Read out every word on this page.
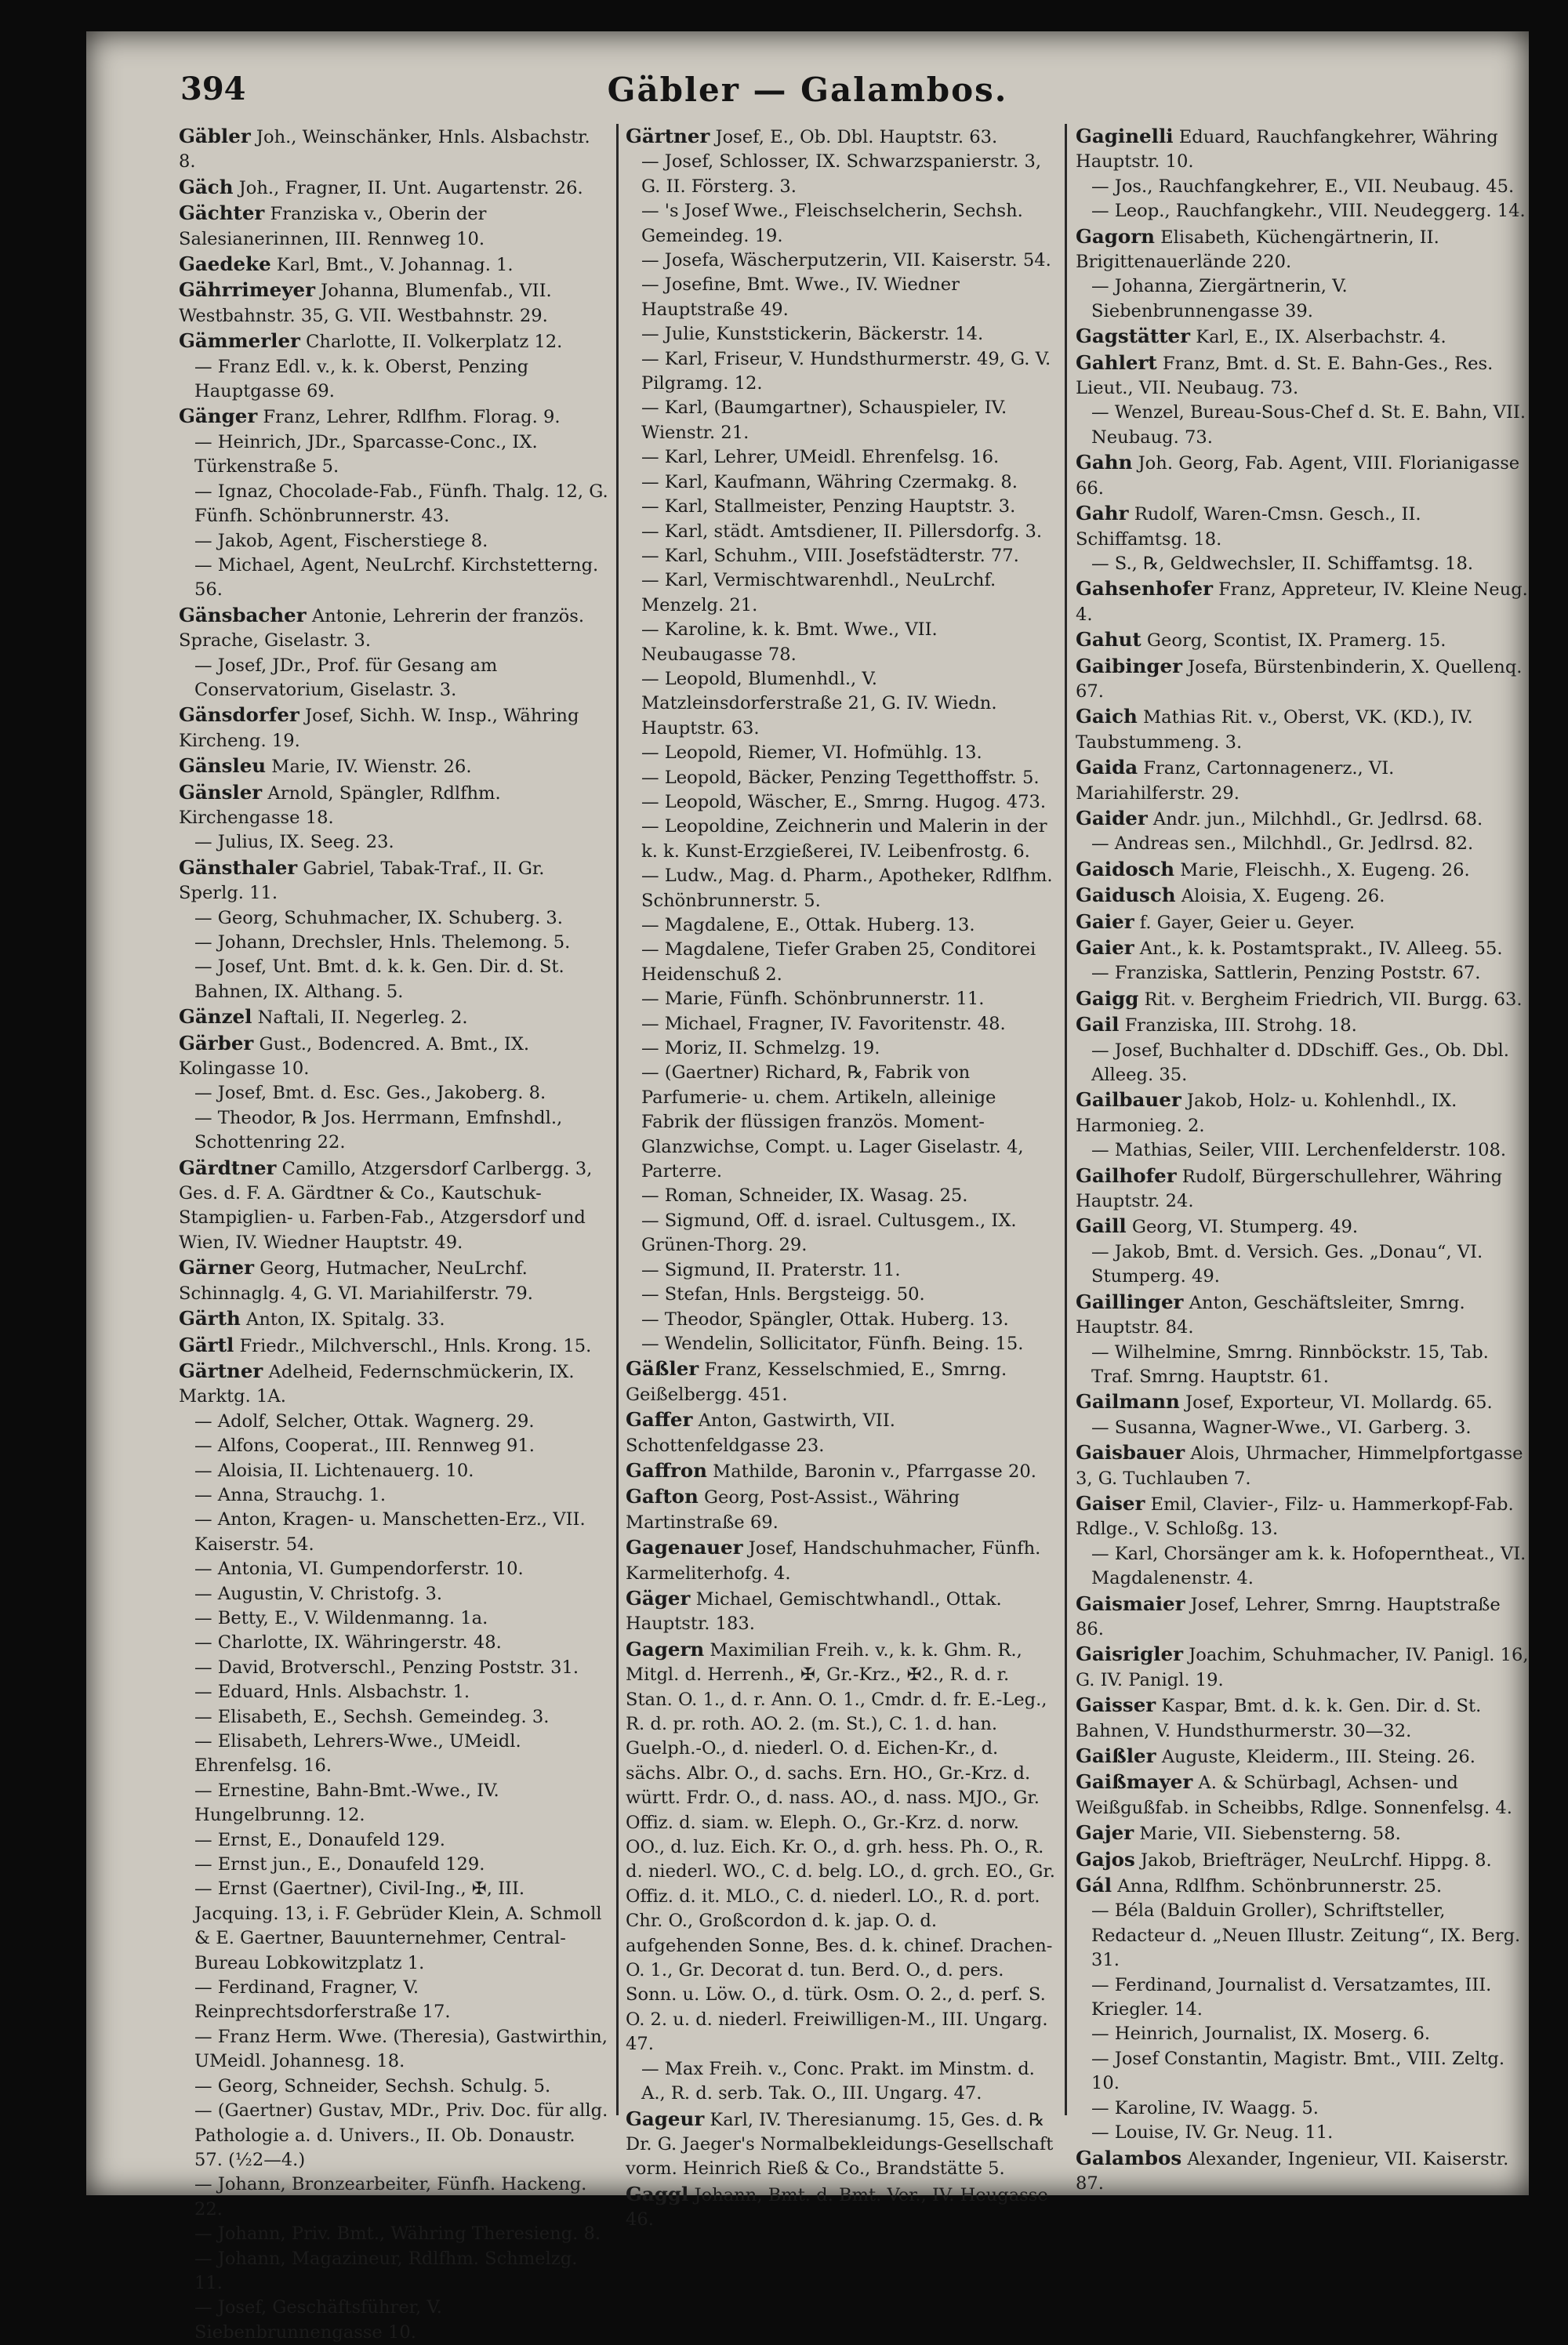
394	Gäbler — Galambos.
Gäbler Joh., Weinschänker, Hnls. Alsbachstr. 8.
Gäch Joh., Fragner, II. Unt. Augartenstr. 26.
Gächter Franziska v., Oberin der Salesianerinnen, III. Rennweg 10.
Gaedeke Karl, Bmt., V. Johannag. 1.
Gährrimeyer Johanna, Blumenfab., VII. Westbahnstr. 35, G. VII. Westbahnstr. 29.
Gämmerler Charlotte, II. Volkerplatz 12.
— Franz Edl. v., k. k. Oberst, Penzing Hauptgasse 69.
Gänger Franz, Lehrer, Rdlfhm. Florag. 9.
— Heinrich, JDr., Sparcasse-Conc., IX. Türkenstraße 5.
— Ignaz, Chocolade-Fab., Fünfh. Thalg. 12, G. Fünfh. Schönbrunnerstr. 43.
— Jakob, Agent, Fischerstiege 8.
— Michael, Agent, NeuLrchf. Kirchstetterng. 56.
Gänsbacher Antonie, Lehrerin der französ. Sprache, Giselastr. 3.
— Josef, JDr., Prof. für Gesang am Conservatorium, Giselastr. 3.
Gänsdorfer Josef, Sichh. W. Insp., Währing Kircheng. 19.
Gänsleu Marie, IV. Wienstr. 26.
Gänsler Arnold, Spängler, Rdlfhm. Kirchengasse 18.
— Julius, IX. Seeg. 23.
Gänsthaler Gabriel, Tabak-Traf., II. Gr. Sperlg. 11.
— Georg, Schuhmacher, IX. Schuberg. 3.
— Johann, Drechsler, Hnls. Thelemong. 5.
— Josef, Unt. Bmt. d. k. k. Gen. Dir. d. St. Bahnen, IX. Althang. 5.
Gänzel Naftali, II. Negerleg. 2.
Gärber Gust., Bodencred. A. Bmt., IX. Kolingasse 10.
— Josef, Bmt. d. Esc. Ges., Jakoberg. 8.
— Theodor, ℞ Jos. Herrmann, Emfnshdl., Schottenring 22.
Gärdtner Camillo, Atzgersdorf Carlbergg. 3, Ges. d. F. A. Gärdtner & Co., Kautschuk-Stampiglien- u. Farben-Fab., Atzgersdorf und Wien, IV. Wiedner Hauptstr. 49.
Gärner Georg, Hutmacher, NeuLrchf. Schinnaglg. 4, G. VI. Mariahilferstr. 79.
Gärth Anton, IX. Spitalg. 33.
Gärtl Friedr., Milchverschl., Hnls. Krong. 15.
Gärtner Adelheid, Federnschmückerin, IX. Marktg. 1A.
— Adolf, Selcher, Ottak. Wagnerg. 29.
— Alfons, Cooperat., III. Rennweg 91.
— Aloisia, II. Lichtenauerg. 10.
— Anna, Strauchg. 1.
— Anton, Kragen- u. Manschetten-Erz., VII. Kaiserstr. 54.
— Antonia, VI. Gumpendorferstr. 10.
— Augustin, V. Christofg. 3.
— Betty, E., V. Wildenmanng. 1a.
— Charlotte, IX. Währingerstr. 48.
— David, Brotverschl., Penzing Poststr. 31.
— Eduard, Hnls. Alsbachstr. 1.
— Elisabeth, E., Sechsh. Gemeindeg. 3.
— Elisabeth, Lehrers-Wwe., UMeidl. Ehrenfelsg. 16.
— Ernestine, Bahn-Bmt.-Wwe., IV. Hungelbrunng. 12.
— Ernst, E., Donaufeld 129.
— Ernst jun., E., Donaufeld 129.
— Ernst (Gaertner), Civil-Ing., ✠, III. Jacquing. 13, i. F. Gebrüder Klein, A. Schmoll & E. Gaertner, Bauunternehmer, Central-Bureau Lobkowitzplatz 1.
— Ferdinand, Fragner, V. Reinprechtsdorferstraße 17.
— Franz Herm. Wwe. (Theresia), Gastwirthin, UMeidl. Johannesg. 18.
— Georg, Schneider, Sechsh. Schulg. 5.
— (Gaertner) Gustav, MDr., Priv. Doc. für allg. Pathologie a. d. Univers., II. Ob. Donaustr. 57. (½2—4.)
— Johann, Bronzearbeiter, Fünfh. Hackeng. 22.
— Johann, Priv. Bmt., Währing Theresieng. 8.
— Johann, Magazineur, Rdlfhm. Schmelzg. 11.
— Josef, Geschäftsführer, V. Siebenbrunnengasse 10.
Gärtner Josef, E., Ob. Dbl. Hauptstr. 63.
— Josef, Schlosser, IX. Schwarzspanierstr. 3, G. II. Försterg. 3.
— 's Josef Wwe., Fleischselcherin, Sechsh. Gemeindeg. 19.
— Josefa, Wäscherputzerin, VII. Kaiserstr. 54.
— Josefine, Bmt. Wwe., IV. Wiedner Hauptstraße 49.
— Julie, Kunststickerin, Bäckerstr. 14.
— Karl, Friseur, V. Hundsthurmerstr. 49, G. V. Pilgramg. 12.
— Karl, (Baumgartner), Schauspieler, IV. Wienstr. 21.
— Karl, Lehrer, UMeidl. Ehrenfelsg. 16.
— Karl, Kaufmann, Währing Czermakg. 8.
— Karl, Stallmeister, Penzing Hauptstr. 3.
— Karl, städt. Amtsdiener, II. Pillersdorfg. 3.
— Karl, Schuhm., VIII. Josefstädterstr. 77.
— Karl, Vermischtwarenhdl., NeuLrchf. Menzelg. 21.
— Karoline, k. k. Bmt. Wwe., VII. Neubaugasse 78.
— Leopold, Blumenhdl., V. Matzleinsdorferstraße 21, G. IV. Wiedn. Hauptstr. 63.
— Leopold, Riemer, VI. Hofmühlg. 13.
— Leopold, Bäcker, Penzing Tegetthoffstr. 5.
— Leopold, Wäscher, E., Smrng. Hugog. 473.
— Leopoldine, Zeichnerin und Malerin in der k. k. Kunst-Erzgießerei, IV. Leibenfrostg. 6.
— Ludw., Mag. d. Pharm., Apotheker, Rdlfhm. Schönbrunnerstr. 5.
— Magdalene, E., Ottak. Huberg. 13.
— Magdalene, Tiefer Graben 25, Conditorei Heidenschuß 2.
— Marie, Fünfh. Schönbrunnerstr. 11.
— Michael, Fragner, IV. Favoritenstr. 48.
— Moriz, II. Schmelzg. 19.
— (Gaertner) Richard, ℞, Fabrik von Parfumerie- u. chem. Artikeln, alleinige Fabrik der flüssigen französ. Moment-Glanzwichse, Compt. u. Lager Giselastr. 4, Parterre.
— Roman, Schneider, IX. Wasag. 25.
— Sigmund, Off. d. israel. Cultusgem., IX. Grünen-Thorg. 29.
— Sigmund, II. Praterstr. 11.
— Stefan, Hnls. Bergsteigg. 50.
— Theodor, Spängler, Ottak. Huberg. 13.
— Wendelin, Sollicitator, Fünfh. Being. 15.
Gäßler Franz, Kesselschmied, E., Smrng. Geißelbergg. 451.
Gaffer Anton, Gastwirth, VII. Schottenfeldgasse 23.
Gaffron Mathilde, Baronin v., Pfarrgasse 20.
Gafton Georg, Post-Assist., Währing Martinstraße 69.
Gagenauer Josef, Handschuhmacher, Fünfh. Karmeliterhofg. 4.
Gäger Michael, Gemischtwhandl., Ottak. Hauptstr. 183.
Gagern Maximilian Freih. v., k. k. Ghm. R., Mitgl. d. Herrenh., ✠, Gr.-Krz., ✠2., R. d. r. Stan. O. 1., d. r. Ann. O. 1., Cmdr. d. fr. E.-Leg., R. d. pr. roth. AO. 2. (m. St.), C. 1. d. han. Guelph.-O., d. niederl. O. d. Eichen-Kr., d. sächs. Albr. O., d. sachs. Ern. HO., Gr.-Krz. d. württ. Frdr. O., d. nass. AO., d. nass. MJO., Gr. Offiz. d. siam. w. Eleph. O., Gr.-Krz. d. norw. OO., d. luz. Eich. Kr. O., d. grh. hess. Ph. O., R. d. niederl. WO., C. d. belg. LO., d. grch. EO., Gr. Offiz. d. it. MLO., C. d. niederl. LO., R. d. port. Chr. O., Großcordon d. k. jap. O. d. aufgehenden Sonne, Bes. d. k. chinef. Drachen-O. 1., Gr. Decorat d. tun. Berd. O., d. pers. Sonn. u. Löw. O., d. türk. Osm. O. 2., d. perf. S. O. 2. u. d. niederl. Freiwilligen-M., III. Ungarg. 47.
— Max Freih. v., Conc. Prakt. im Minstm. d. A., R. d. serb. Tak. O., III. Ungarg. 47.
Gageur Karl, IV. Theresianumg. 15, Ges. d. ℞ Dr. G. Jaeger's Normalbekleidungs-Gesellschaft vorm. Heinrich Rieß & Co., Brandstätte 5.
Gaggl Johann, Bmt. d. Bmt. Ver., IV. Heugasse 46.
Gaginelli Eduard, Rauchfangkehrer, Währing Hauptstr. 10.
— Jos., Rauchfangkehrer, E., VII. Neubaug. 45.
— Leop., Rauchfangkehr., VIII. Neudeggerg. 14.
Gagorn Elisabeth, Küchengärtnerin, II. Brigittenauerlände 220.
— Johanna, Ziergärtnerin, V. Siebenbrunnengasse 39.
Gagstätter Karl, E., IX. Alserbachstr. 4.
Gahlert Franz, Bmt. d. St. E. Bahn-Ges., Res. Lieut., VII. Neubaug. 73.
— Wenzel, Bureau-Sous-Chef d. St. E. Bahn, VII. Neubaug. 73.
Gahn Joh. Georg, Fab. Agent, VIII. Florianigasse 66.
Gahr Rudolf, Waren-Cmsn. Gesch., II. Schiffamtsg. 18.
— S., ℞, Geldwechsler, II. Schiffamtsg. 18.
Gahsenhofer Franz, Appreteur, IV. Kleine Neug. 4.
Gahut Georg, Scontist, IX. Pramerg. 15.
Gaibinger Josefa, Bürstenbinderin, X. Quellenq. 67.
Gaich Mathias Rit. v., Oberst, VK. (KD.), IV. Taubstummeng. 3.
Gaida Franz, Cartonnagenerz., VI. Mariahilferstr. 29.
Gaider Andr. jun., Milchhdl., Gr. Jedlrsd. 68.
— Andreas sen., Milchhdl., Gr. Jedlrsd. 82.
Gaidosch Marie, Fleischh., X. Eugeng. 26.
Gaidusch Aloisia, X. Eugeng. 26.
Gaier f. Gayer, Geier u. Geyer.
Gaier Ant., k. k. Postamtsprakt., IV. Alleeg. 55.
— Franziska, Sattlerin, Penzing Poststr. 67.
Gaigg Rit. v. Bergheim Friedrich, VII. Burgg. 63.
Gail Franziska, III. Strohg. 18.
— Josef, Buchhalter d. DDschiff. Ges., Ob. Dbl. Alleeg. 35.
Gailbauer Jakob, Holz- u. Kohlenhdl., IX. Harmonieg. 2.
— Mathias, Seiler, VIII. Lerchenfelderstr. 108.
Gailhofer Rudolf, Bürgerschullehrer, Währing Hauptstr. 24.
Gaill Georg, VI. Stumperg. 49.
— Jakob, Bmt. d. Versich. Ges. „Donau“, VI. Stumperg. 49.
Gaillinger Anton, Geschäftsleiter, Smrng. Hauptstr. 84.
— Wilhelmine, Smrng. Rinnböckstr. 15, Tab. Traf. Smrng. Hauptstr. 61.
Gailmann Josef, Exporteur, VI. Mollardg. 65.
— Susanna, Wagner-Wwe., VI. Garberg. 3.
Gaisbauer Alois, Uhrmacher, Himmelpfortgasse 3, G. Tuchlauben 7.
Gaiser Emil, Clavier-, Filz- u. Hammerkopf-Fab. Rdlge., V. Schloßg. 13.
— Karl, Chorsänger am k. k. Hofoperntheat., VI. Magdalenenstr. 4.
Gaismaier Josef, Lehrer, Smrng. Hauptstraße 86.
Gaisrigler Joachim, Schuhmacher, IV. Panigl. 16, G. IV. Panigl. 19.
Gaisser Kaspar, Bmt. d. k. k. Gen. Dir. d. St. Bahnen, V. Hundsthurmerstr. 30—32.
Gaißler Auguste, Kleiderm., III. Steing. 26.
Gaißmayer A. & Schürbagl, Achsen- und Weißgußfab. in Scheibbs, Rdlge. Sonnenfelsg. 4.
Gajer Marie, VII. Siebensterng. 58.
Gajos Jakob, Briefträger, NeuLrchf. Hippg. 8.
Gál Anna, Rdlfhm. Schönbrunnerstr. 25.
— Béla (Balduin Groller), Schriftsteller, Redacteur d. „Neuen Illustr. Zeitung“, IX. Berg. 31.
— Ferdinand, Journalist d. Versatzamtes, III. Kriegler. 14.
— Heinrich, Journalist, IX. Moserg. 6.
— Josef Constantin, Magistr. Bmt., VIII. Zeltg. 10.
— Karoline, IV. Waagg. 5.
— Louise, IV. Gr. Neug. 11.
Galambos Alexander, Ingenieur, VII. Kaiserstr. 87.
